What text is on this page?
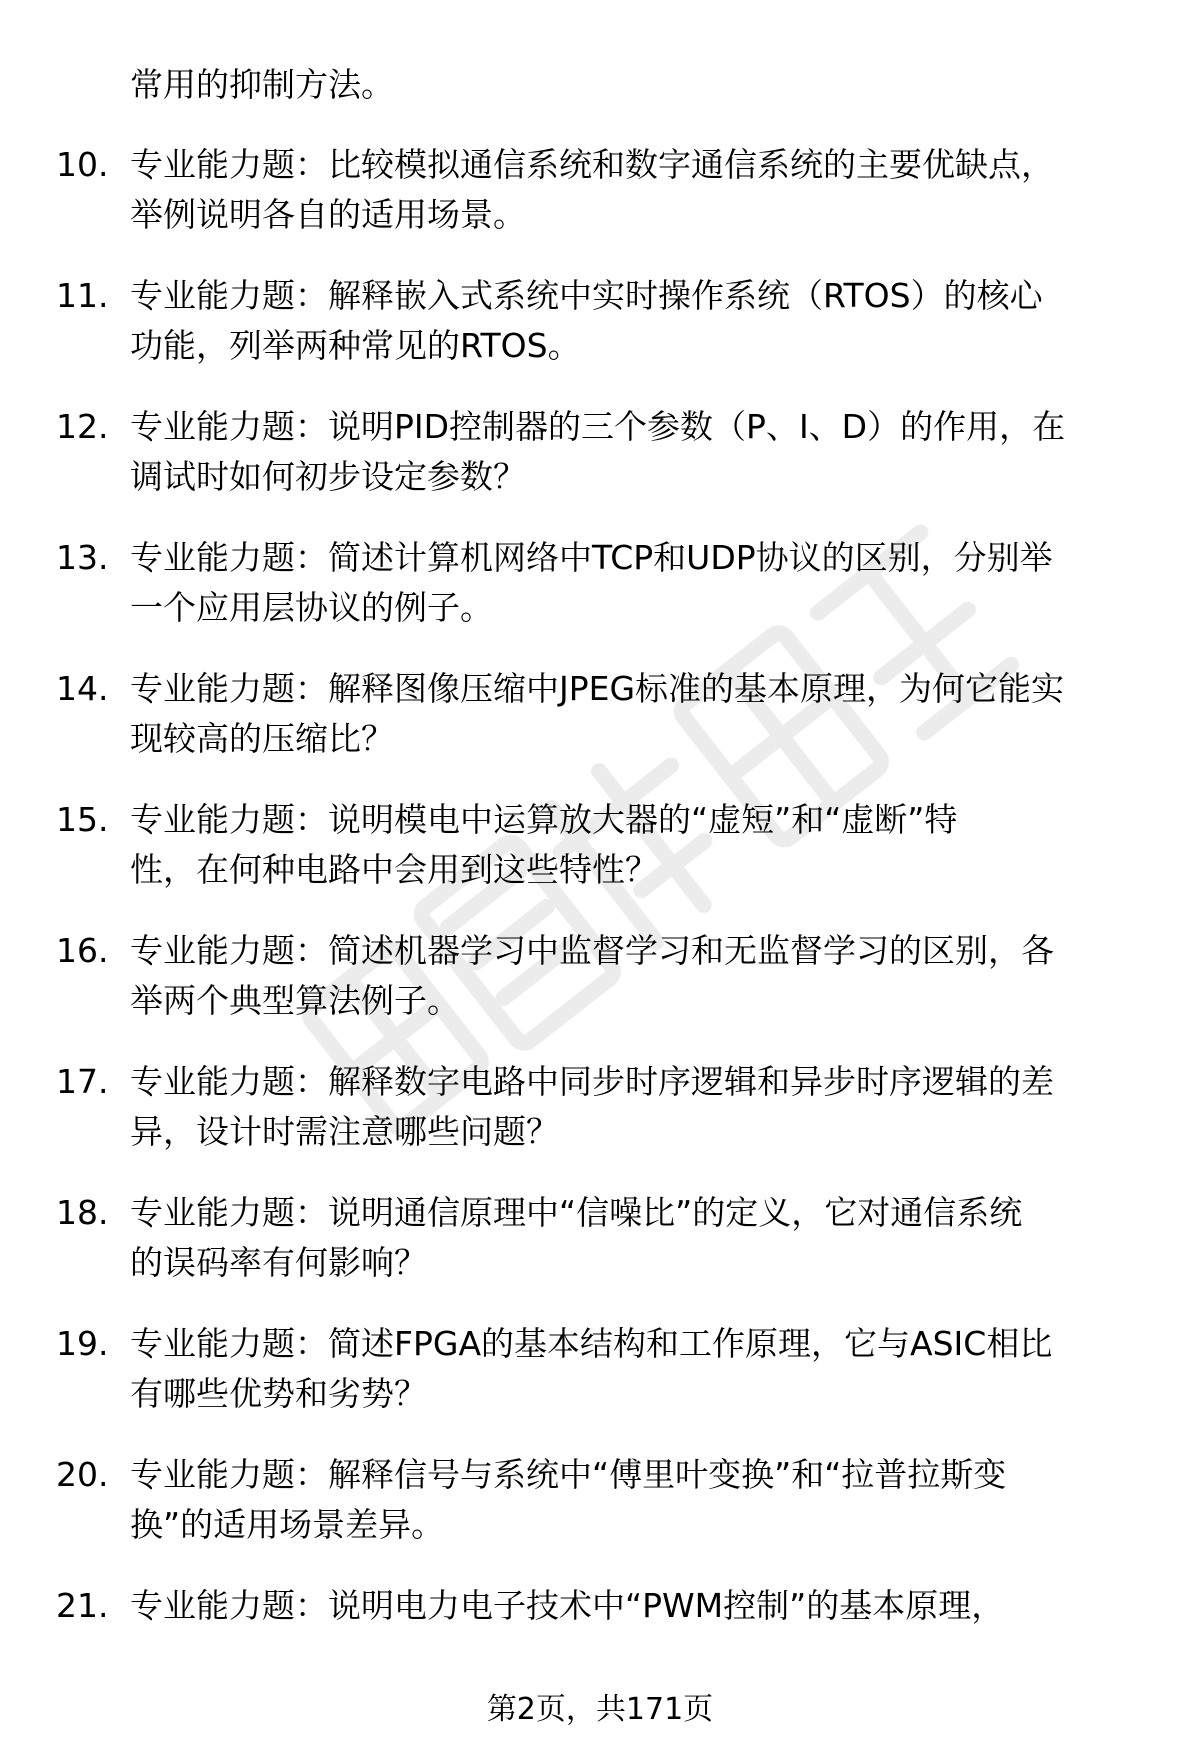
常用的抑制方法。
10. 专业能力题：比较模拟通信系统和数字通信系统的主要优缺点，
举例说明各自的适用场景。
11. 专业能力题：解释嵌入式系统中实时操作系统（RTOS）的核心
功能，列举两种常见的RTOS。
12. 专业能力题：说明PID控制器的三个参数（P、I、D）的作用，在
调试时如何初步设定参数？
13. 专业能力题：简述计算机网络中TCP和UDP协议的区别，分别举
一个应用层协议的例子。
14. 专业能力题：解释图像压缩中JPEG标准的基本原理，为何它能实
现较高的压缩比？
15. 专业能力题：说明模电中运算放大器的“虚短”和“虚断”特
性，在何种电路中会用到这些特性？
16. 专业能力题：简述机器学习中监督学习和无监督学习的区别，各
举两个典型算法例子。
17. 专业能力题：解释数字电路中同步时序逻辑和异步时序逻辑的差
异，设计时需注意哪些问题？
18. 专业能力题：说明通信原理中“信噪比”的定义，它对通信系统
的误码率有何影响？
19. 专业能力题：简述FPGA的基本结构和工作原理，它与ASIC相比
有哪些优势和劣势？
20. 专业能力题：解释信号与系统中“傅里叶变换”和“拉普拉斯变
换”的适用场景差异。
21. 专业能力题：说明电力电子技术中“PWM控制”的基本原理，
第2页，共171页
